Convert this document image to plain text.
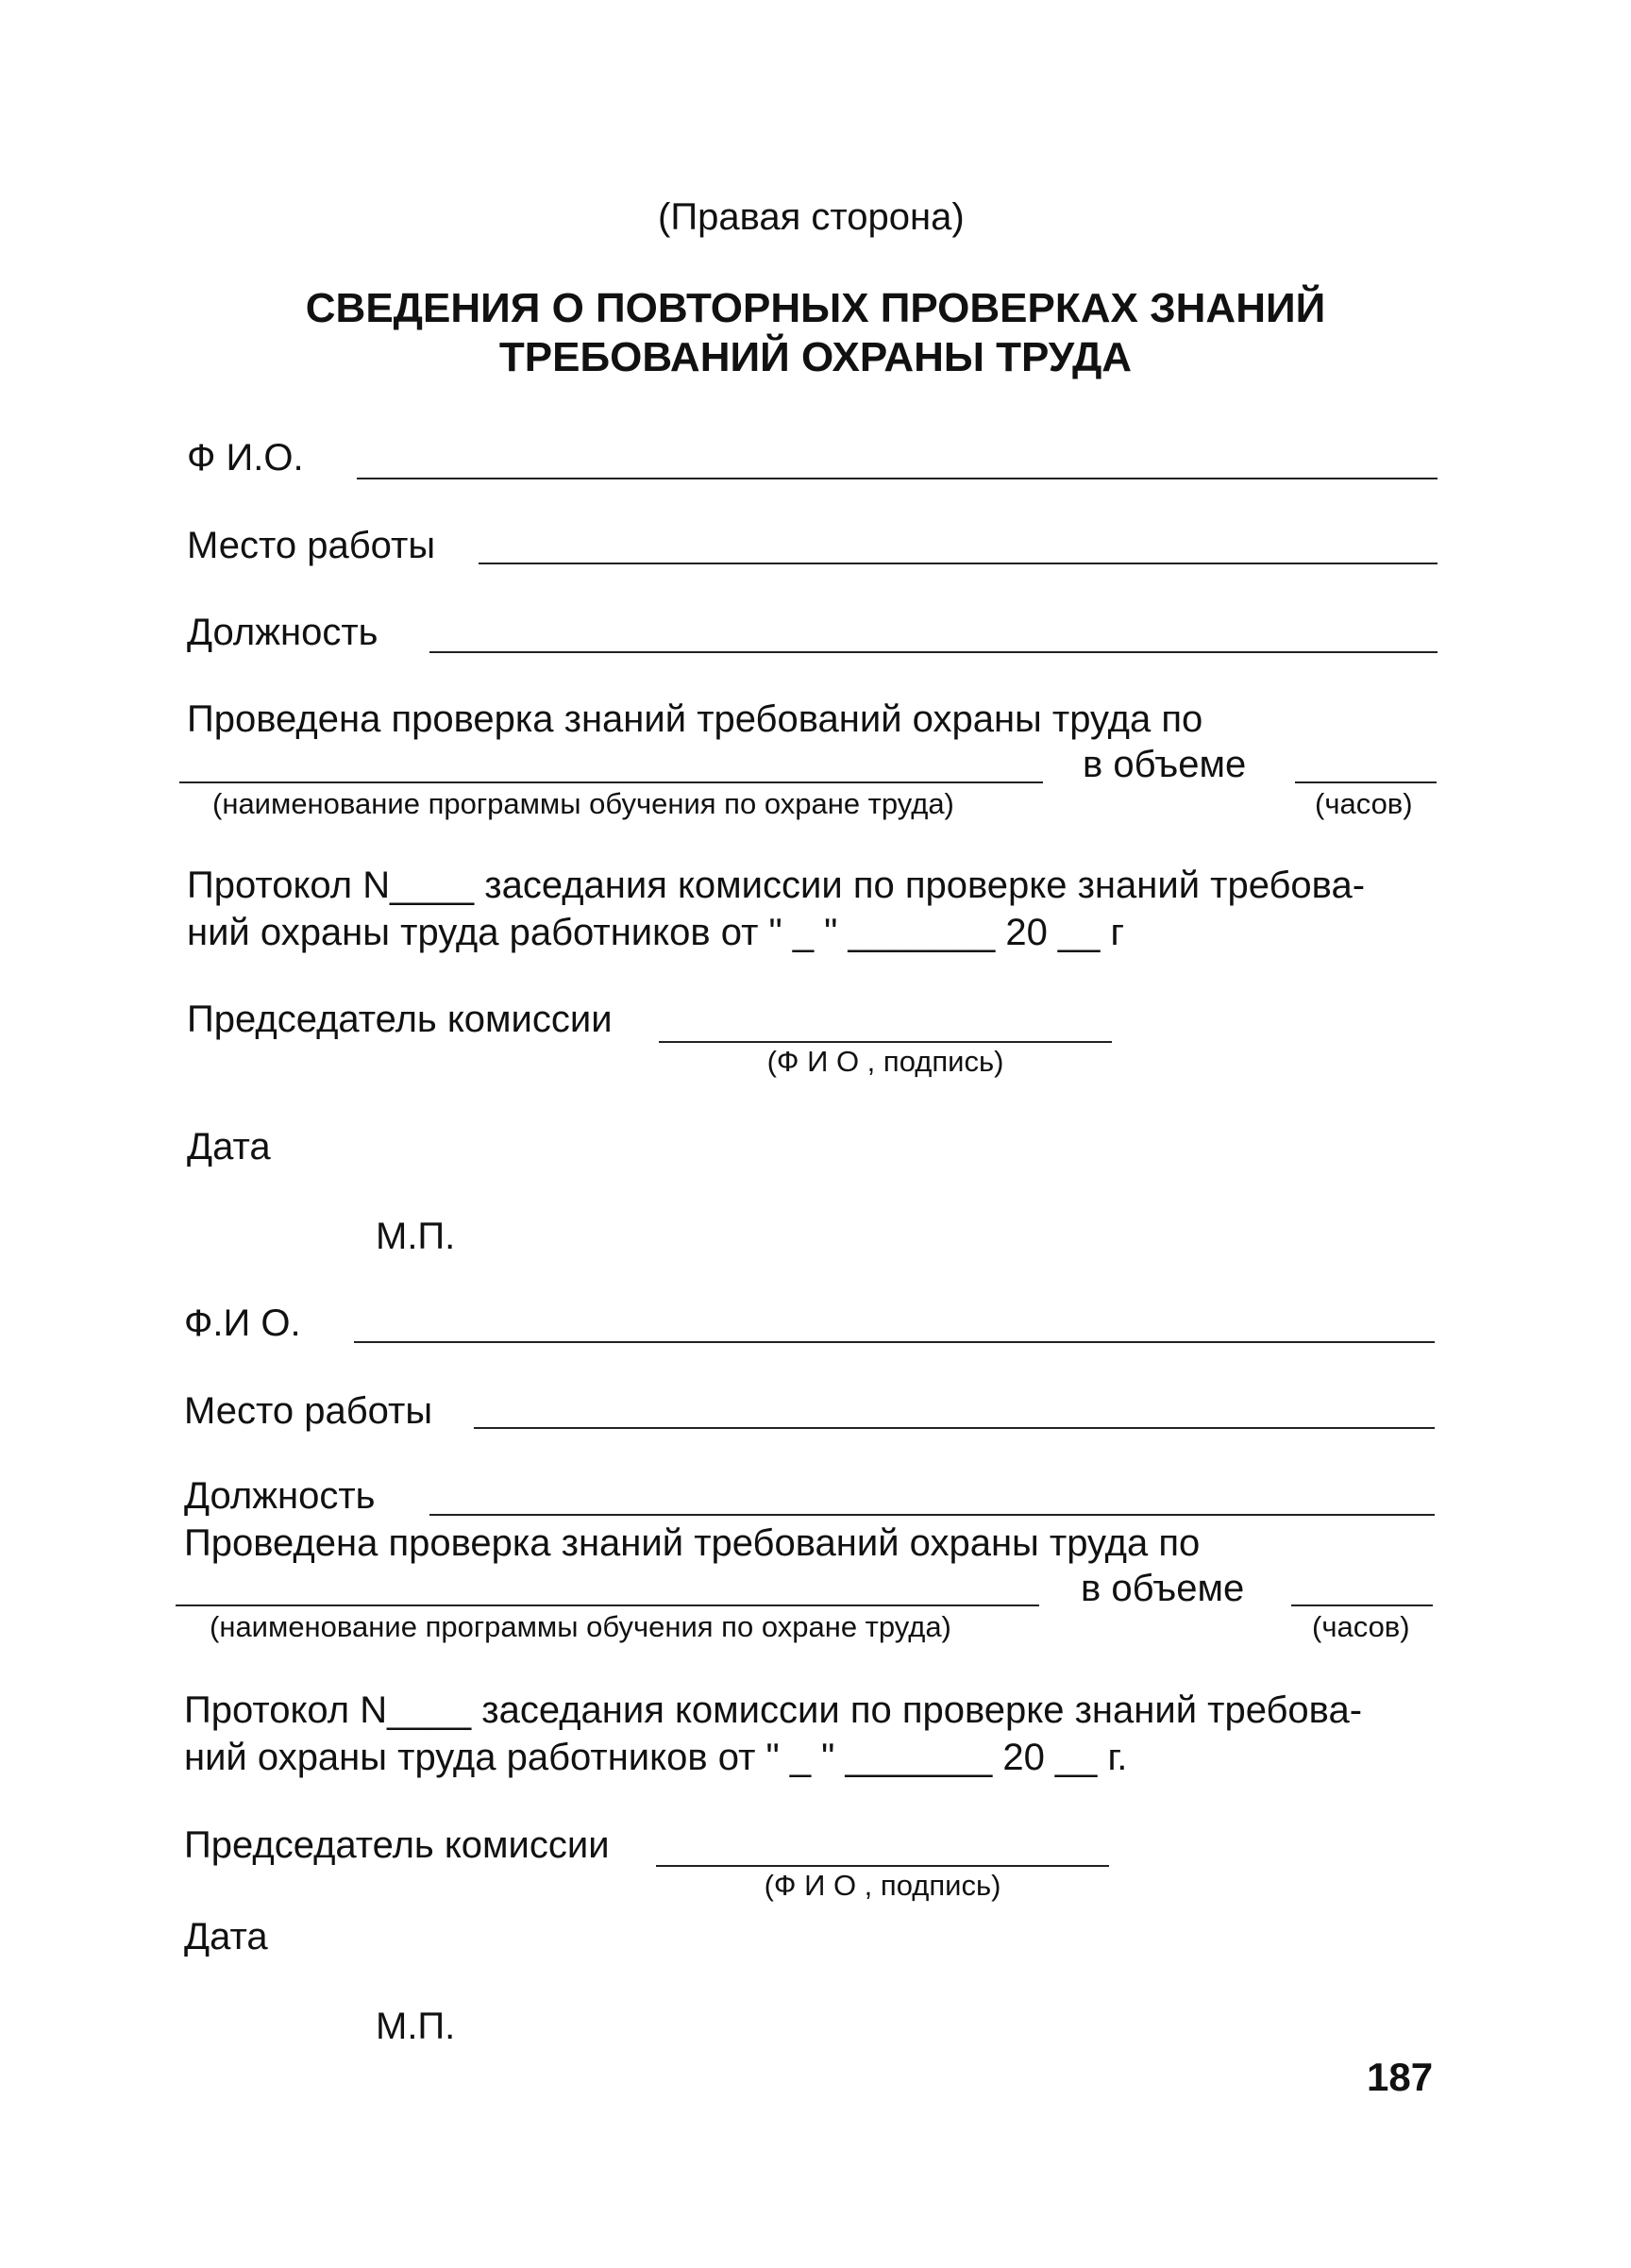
(Правая сторона)
СВЕДЕНИЯ О ПОВТОРНЫХ ПРОВЕРКАХ ЗНАНИЙ
ТРЕБОВАНИЙ ОХРАНЫ ТРУДА
Ф И.О.
Место работы
Должность
Проведена проверка знаний требований охраны труда по
в объеме
(наименование программы обучения по охране труда)	(часов)
Протокол N____ заседания комиссии по проверке знаний требова-
ний охраны труда работников от " _ " _______ 20 __ г
Председатель комиссии
(Ф И О , подпись)
Дата
М.П.
Ф.И О.
Место работы
Должность
Проведена проверка знаний требований охраны труда по
в объеме
(наименование программы обучения по охране труда)	(часов)
Протокол N____ заседания комиссии по проверке знаний требова-
ний охраны труда работников от " _ " _______ 20 __ г.
Председатель комиссии
(Ф И О , подпись)
Дата
М.П.
187
